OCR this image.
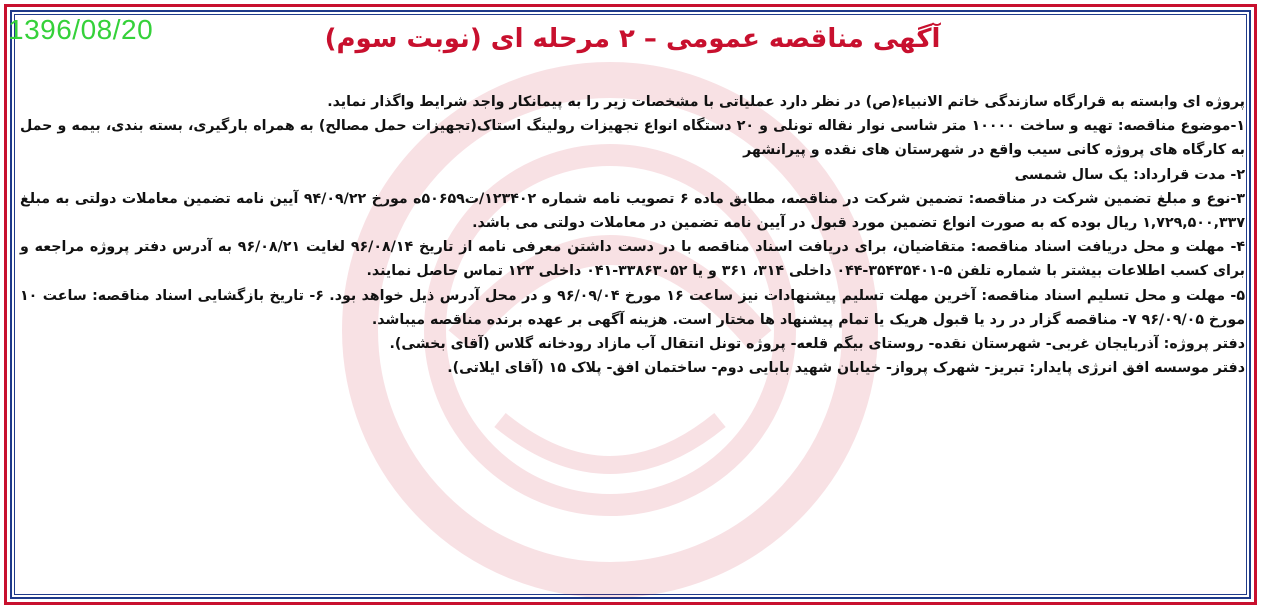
1396/08/20	آگهی مناقصه عمومی – ۲ مرحله ای (نوبت سوم)

پروژه ای وابسته به قرارگاه سازندگی خاتم الانبیاء(ص) در نظر دارد عملیاتی با مشخصات زیر را به پیمانکار واجد شرایط واگذار نماید.

۱-موضوع مناقصه: تهیه و ساخت ۱۰۰۰۰ متر شاسی نوار نقاله تونلی و ۲۰ دستگاه انواع تجهیزات رولینگ استاک(تجهیزات حمل مصالح) به همراه بارگیری، بسته بندی، بیمه و حمل به کارگاه های پروژه کانی سیب واقع در شهرستان های نقده و پیرانشهر

۲- مدت قرارداد: یک سال شمسی

۳-نوع و مبلغ تضمین شرکت در مناقصه: تضمین شرکت در مناقصه، مطابق ماده ۶ تصویب نامه شماره ۱۲۳۴۰۲/ت۵۰۶۵۹ه مورخ ۹۴/۰۹/۲۲ آیین نامه تضمین معاملات دولتی به مبلغ ۱,۷۲۹,۵۰۰,۳۳۷ ریال بوده که به صورت انواع تضمین مورد قبول در آیین نامه تضمین در معاملات دولتی می باشد.

۴- مهلت و محل دریافت اسناد مناقصه: متقاضیان، برای دریافت اسناد مناقصه با در دست داشتن معرفی نامه از تاریخ ۹۶/۰۸/۱۴ لغایت ۹۶/۰۸/۲۱ به آدرس دفتر پروژه مراجعه و برای کسب اطلاعات بیشتر با شماره تلفن ۵-۳۵۴۳۵۴۰۱-۰۴۴ داخلی ۳۱۴، ۳۶۱ و یا ۳۳۸۶۳۰۵۲-۰۴۱ داخلی ۱۲۳ تماس حاصل نمایند.

۵- مهلت و محل تسلیم اسناد مناقصه: آخرین مهلت تسلیم پیشنهادات نیز ساعت ۱۶ مورخ ۹۶/۰۹/۰۴ و در محل آدرس ذیل خواهد بود. ۶- تاریخ بازگشایی اسناد مناقصه: ساعت ۱۰ مورخ ۹۶/۰۹/۰۵ ۷- مناقصه گزار در رد یا قبول هریک یا تمام پیشنهاد ها مختار است. هزینه آگهی بر عهده برنده مناقصه میباشد.

دفتر پروژه: آذربایجان غربی- شهرستان نقده- روستای بیگم قلعه- پروژه تونل انتقال آب مازاد رودخانه گلاس (آقای بخشی).

دفتر موسسه افق انرژی پایدار: تبریز- شهرک پرواز- خیابان شهید بابایی دوم- ساختمان افق- پلاک ۱۵ (آقای ایلاتی).
